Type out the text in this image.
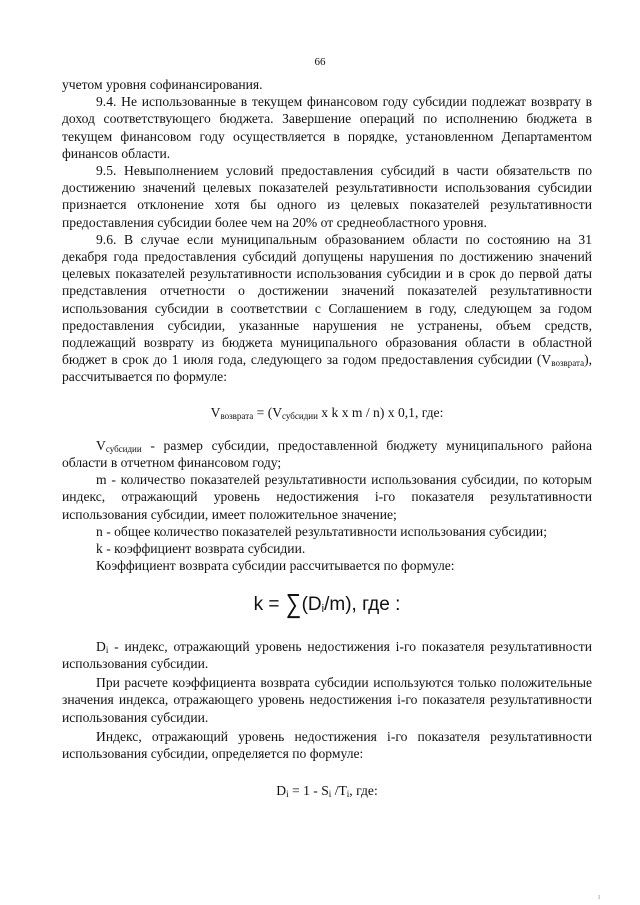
66

учетом уровня софинансирования.

9.4. Не использованные в текущем финансовом году субсидии подлежат возврату в доход соответствующего бюджета. Завершение операций по исполнению бюджета в текущем финансовом году осуществляется в порядке, установленном Департаментом финансов области.

9.5. Невыполнением условий предоставления субсидий в части обязательств по достижению значений целевых показателей результативности использования субсидии признается отклонение хотя бы одного из целевых показателей результативности предоставления субсидии более чем на 20% от среднеобластного уровня.

9.6. В случае если муниципальным образованием области по состоянию на 31 декабря года предоставления субсидий допущены нарушения по достижению значений целевых показателей результативности использования субсидии и в срок до первой даты представления отчетности о достижении значений показателей результативности использования субсидии в соответствии с Соглашением в году, следующем за годом предоставления субсидии, указанные нарушения не устранены, объем средств, подлежащий возврату из бюджета муниципального образования области в областной бюджет в срок до 1 июля года, следующего за годом предоставления субсидии $(V_{возврата})$, рассчитывается по формуле:

$V_{возврата} = (V_{субсидии}$ x k x m / n) x 0,1, где:

$V_{субсидии}$ - размер субсидии, предоставленной бюджету муниципального района области в отчетном финансовом году;

m - количество показателей результативности использования субсидии, по которым индекс, отражающий уровень недостижения i-го показателя результативности использования субсидии, имеет положительное значение;

n - общее количество показателей результативности использования субсидии;

k - коэффициент возврата субсидии.

Коэффициент возврата субсидии рассчитывается по формуле:

$k = \sum(D_i/m)$, где :

$D_i$ - индекс, отражающий уровень недостижения i-го показателя результативности использования субсидии.

При расчете коэффициента возврата субсидии используются только положительные значения индекса, отражающего уровень недостижения i-го показателя результативности использования субсидии.

Индекс, отражающий уровень недостижения i-го показателя результативности использования субсидии, определяется по формуле:

$D_i = 1 - S_i$ $/T_i$, где:

ı
